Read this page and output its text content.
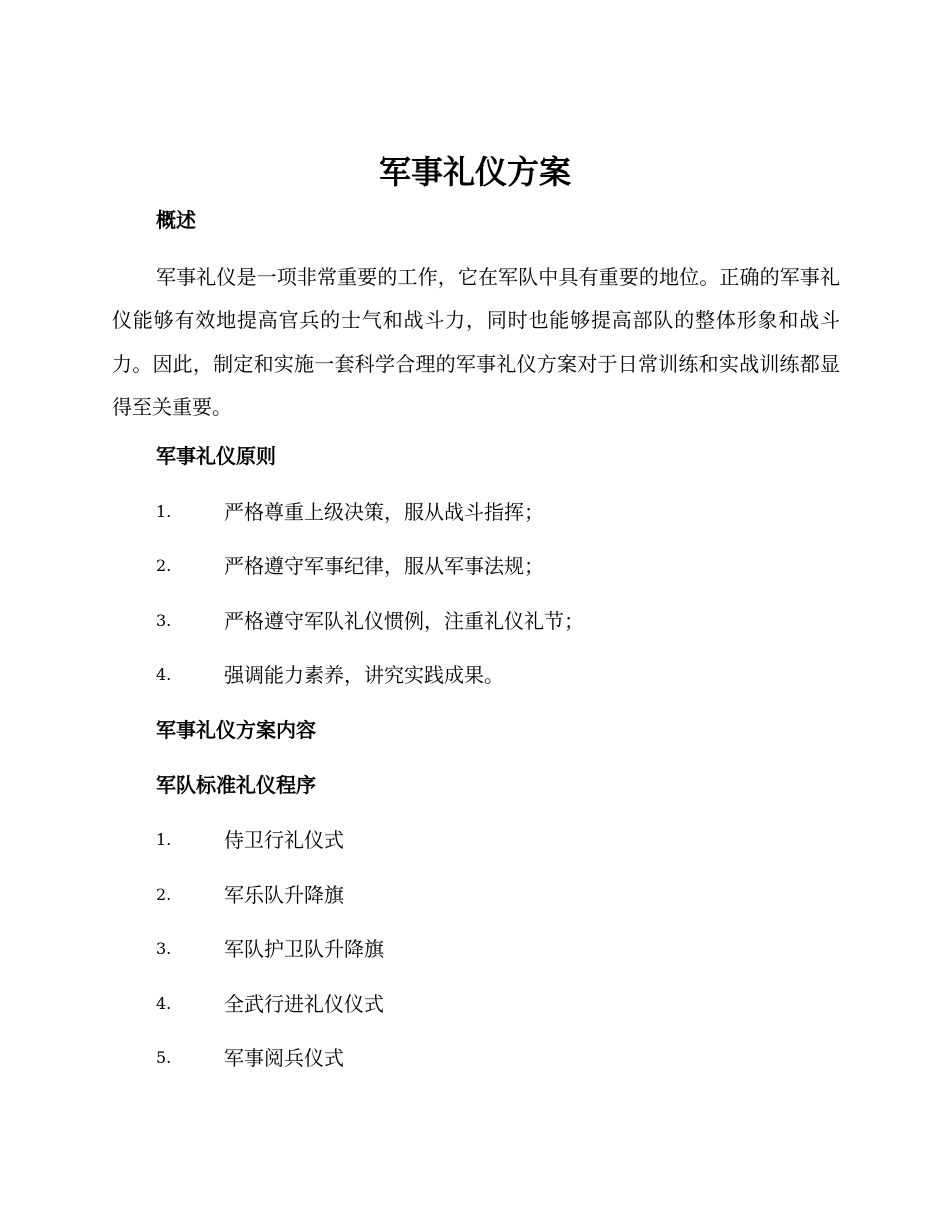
军事礼仪方案
概述

军事礼仪是一项非常重要的工作，它在军队中具有重要的地位。正确的军事礼仪能够有效地提高官兵的士气和战斗力，同时也能够提高部队的整体形象和战斗力。因此，制定和实施一套科学合理的军事礼仪方案对于日常训练和实战训练都显得至关重要。

军事礼仪原则
1.	严格尊重上级决策，服从战斗指挥；
2.	严格遵守军事纪律，服从军事法规；
3.	严格遵守军队礼仪惯例，注重礼仪礼节；
4.	强调能力素养，讲究实践成果。
军事礼仪方案内容
军队标准礼仪程序
1.	侍卫行礼仪式
2.	军乐队升降旗
3.	军队护卫队升降旗
4.	全武行进礼仪仪式
5.	军事阅兵仪式
